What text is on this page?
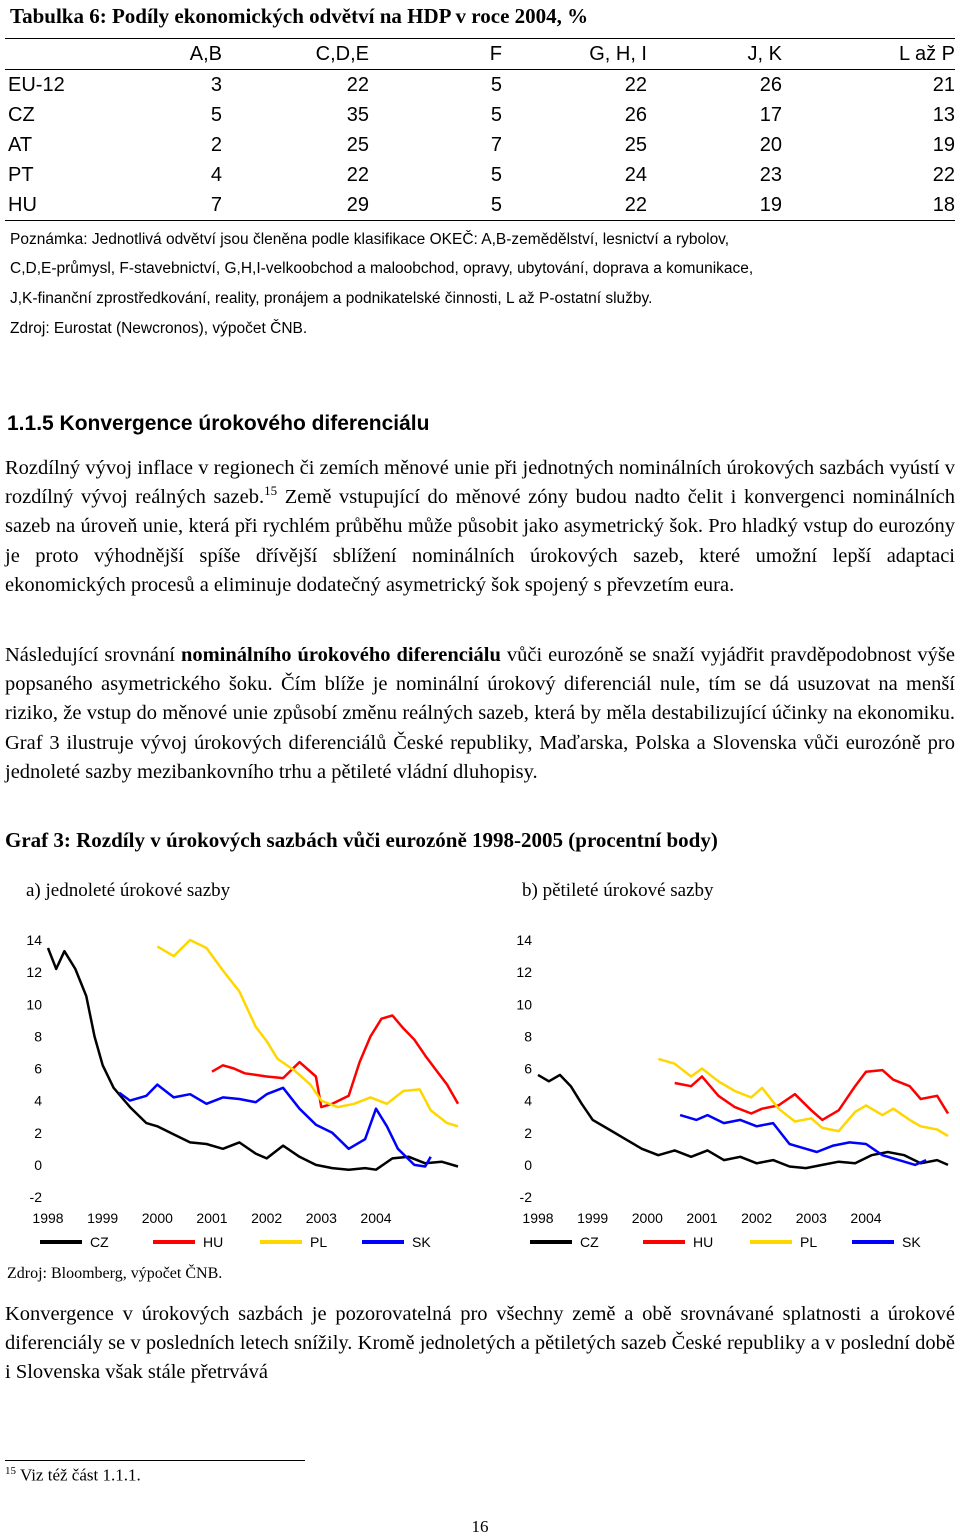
Tabulka 6: Podíly ekonomických odvětví na HDP v roce 2004, %
	A,B	C,D,E	F	G, H, I	J, K	L až P
EU-12	3	22	5	22	26	21
CZ	5	35	5	26	17	13
AT	2	25	7	25	20	19
PT	4	22	5	24	23	22
HU	7	29	5	22	19	18
Poznámka: Jednotlivá odvětví jsou členěna podle klasifikace OKEČ: A,B-zemědělství, lesnictví a rybolov,
C,D,E-průmysl, F-stavebnictví, G,H,I-velkoobchod a maloobchod, opravy, ubytování, doprava a komunikace,
J,K-finanční zprostředkování, reality, pronájem a podnikatelské činnosti, L až P-ostatní služby.
Zdroj: Eurostat (Newcronos), výpočet ČNB.
1.1.5 Konvergence úrokového diferenciálu

Rozdílný vývoj inflace v regionech či zemích měnové unie při jednotných nominálních úrokových sazbách vyústí v rozdílný vývoj reálných sazeb.$^{15}$ Země vstupující do měnové zóny budou nadto čelit i konvergenci nominálních sazeb na úroveň unie, která při rychlém průběhu může působit jako asymetrický šok. Pro hladký vstup do eurozóny je proto výhodnější spíše dřívější sblížení nominálních úrokových sazeb, které umožní lepší adaptaci ekonomických procesů a eliminuje dodatečný asymetrický šok spojený s převzetím eura.

Následující srovnání nominálního úrokového diferenciálu vůči eurozóně se snaží vyjádřit pravděpodobnost výše popsaného asymetrického šoku. Čím blíže je nominální úrokový diferenciál nule, tím se dá usuzovat na menší riziko, že vstup do měnové unie způsobí změnu reálných sazeb, která by měla destabilizující účinky na ekonomiku. Graf 3 ilustruje vývoj úrokových diferenciálů České republiky, Maďarska, Polska a Slovenska vůči eurozóně pro jednoleté sazby mezibankovního trhu a pětileté vládní dluhopisy.

Graf 3: Rozdíly v úrokových sazbách vůči eurozóně 1998-2005 (procentní body)
a) jednoleté úrokové sazby	b) pětileté úrokové sazby
14
12
10
8
6
4
2
0
-2
1998 1999 2000 2001 2002 2003 2004
CZ	HU	PL	SK
14
12
10
8
6
4
2
0
-2
1998 1999 2000 2001 2002 2003 2004
CZ	HU	PL	SK
Zdroj: Bloomberg, výpočet ČNB.

Konvergence v úrokových sazbách je pozorovatelná pro všechny země a obě srovnávané splatnosti a úrokové diferenciály se v posledních letech snížily. Kromě jednoletých a pětiletých sazeb České republiky a v poslední době i Slovenska však stále přetrvává

$^{15}$ Viz též část 1.1.1.
16
